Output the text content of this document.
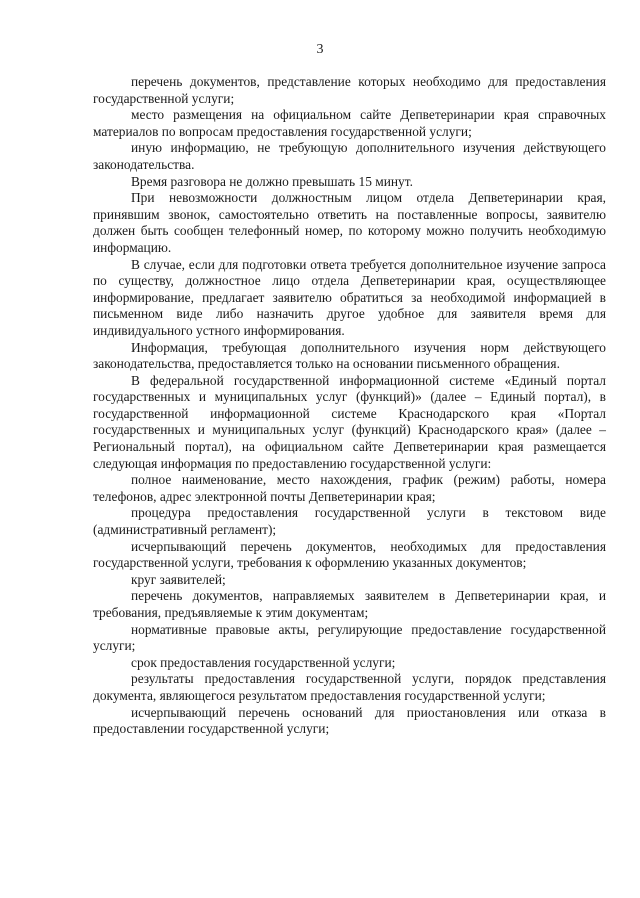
3

перечень документов, представление которых необходимо для предоставления государственной услуги;

место размещения на официальном сайте Депветеринарии края справочных материалов по вопросам предоставления государственной услуги;

иную информацию, не требующую дополнительного изучения действующего законодательства.

Время разговора не должно превышать 15 минут.

При невозможности должностным лицом отдела Депветеринарии края, принявшим звонок, самостоятельно ответить на поставленные вопросы, заявителю должен быть сообщен телефонный номер, по которому можно получить необходимую информацию.

В случае, если для подготовки ответа требуется дополнительное изучение запроса по существу, должностное лицо отдела Депветеринарии края, осуществляющее информирование, предлагает заявителю обратиться за необходимой информацией в письменном виде либо назначить другое удобное для заявителя время для индивидуального устного информирования.

Информация, требующая дополнительного изучения норм действующего законодательства, предоставляется только на основании письменного обращения.

В федеральной государственной информационной системе «Единый портал государственных и муниципальных услуг (функций)» (далее – Единый портал), в государственной информационной системе Краснодарского края «Портал государственных и муниципальных услуг (функций) Краснодарского края» (далее – Региональный портал), на официальном сайте Депветеринарии края размещается следующая информация по предоставлению государственной услуги:

полное наименование, место нахождения, график (режим) работы, номера телефонов, адрес электронной почты Депветеринарии края;

процедура предоставления государственной услуги в текстовом виде (административный регламент);

исчерпывающий перечень документов, необходимых для предоставления государственной услуги, требования к оформлению указанных документов;

круг заявителей;

перечень документов, направляемых заявителем в Депветеринарии края, и требования, предъявляемые к этим документам;

нормативные правовые акты, регулирующие предоставление государственной услуги;

срок предоставления государственной услуги;

результаты предоставления государственной услуги, порядок представления документа, являющегося результатом предоставления государственной услуги;

исчерпывающий перечень оснований для приостановления или отказа в предоставлении государственной услуги;
